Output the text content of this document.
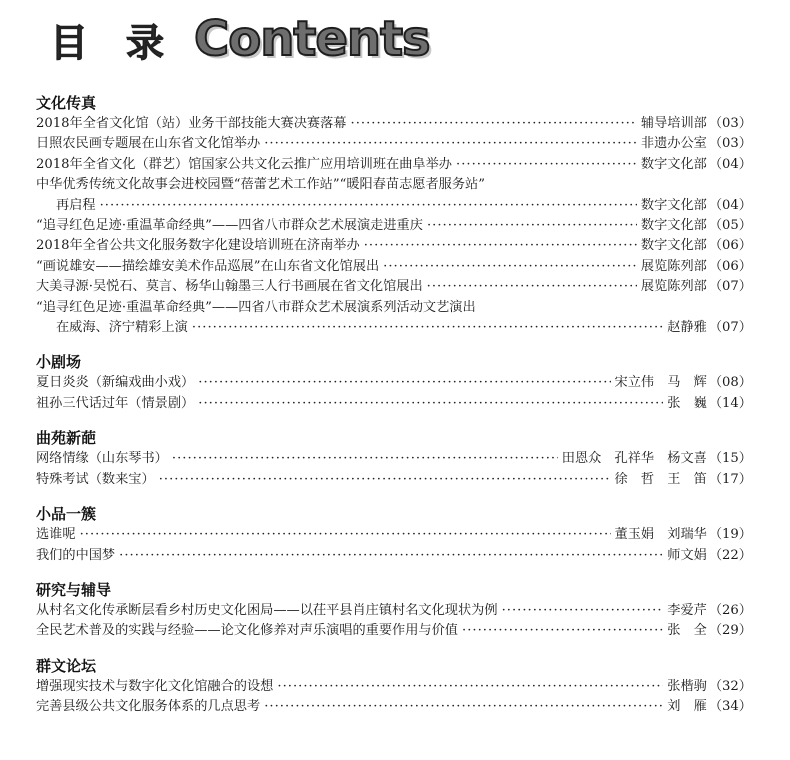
目 录 Contents
文化传真
2018年全省文化馆（站）业务干部技能大赛决赛落幕 ·····	辅导培训部 （03）
日照农民画专题展在山东省文化馆举办 ·····	非遗办公室 （03）
2018年全省文化（群艺）馆国家公共文化云推广应用培训班在曲阜举办 ·····	数字文化部 （04）
中华优秀传统文化故事会进校园暨“蓓蕾艺术工作站”“暖阳春苗志愿者服务站”
再启程 ·····	数字文化部 （04）
“追寻红色足迹·重温革命经典”——四省八市群众艺术展演走进重庆 ·····	数字文化部 （05）
2018年全省公共文化服务数字化建设培训班在济南举办 ·····	数字文化部 （06）
“画说雄安——描绘雄安美术作品巡展”在山东省文化馆展出 ·····	展览陈列部 （06）
大美寻源·吴悦石、莫言、杨华山翰墨三人行书画展在省文化馆展出 ·····	展览陈列部 （07）
“追寻红色足迹·重温革命经典”——四省八市群众艺术展演系列活动文艺演出
在威海、济宁精彩上演 ·····	赵静雅 （07）
小剧场
夏日炎炎（新编戏曲小戏） ·····	宋立伟　马　辉 （08）
祖孙三代话过年（情景剧） ·····	张　巍 （14）
曲苑新葩
网络情缘（山东琴书） ·····	田恩众　孔祥华　杨文喜 （15）
特殊考试（数来宝） ·····	徐　哲　王　笛 （17）
小品一簇
选谁呢 ·····	董玉娟　刘瑞华 （19）
我们的中国梦 ·····	师文娟 （22）
研究与辅导
从村名文化传承断层看乡村历史文化困局——以茌平县肖庄镇村名文化现状为例 ·····	李爱芹 （26）
全民艺术普及的实践与经验——论文化修养对声乐演唱的重要作用与价值 ·····	张　全 （29）
群文论坛
增强现实技术与数字化文化馆融合的设想 ·····	张楷驹 （32）
完善县级公共文化服务体系的几点思考 ·····	刘　雁 （34）
